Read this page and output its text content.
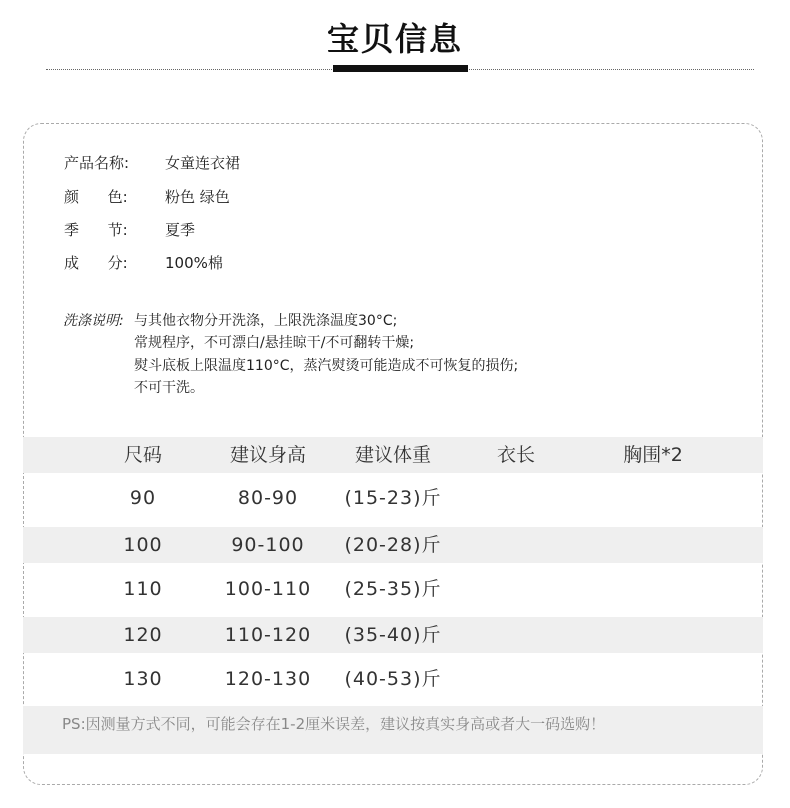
宝贝信息
产品名称:	女童连衣裙
颜      色:	粉色 绿色
季      节:	夏季
成      分:	100%棉
洗涤说明: 与其他衣物分开洗涤，上限洗涤温度30°C;
常规程序，不可漂白/悬挂晾干/不可翻转干燥;
熨斗底板上限温度110°C，蒸汽熨烫可能造成不可恢复的损伤;
不可干洗。
尺码	建议身高	建议体重	衣长	胸围*2
90	80-90	(15-23)斤
100	90-100	(20-28)斤
110	100-110	(25-35)斤
120	110-120	(35-40)斤
130	120-130	(40-53)斤
PS:因测量方式不同，可能会存在1-2厘米误差，建议按真实身高或者大一码选购！
